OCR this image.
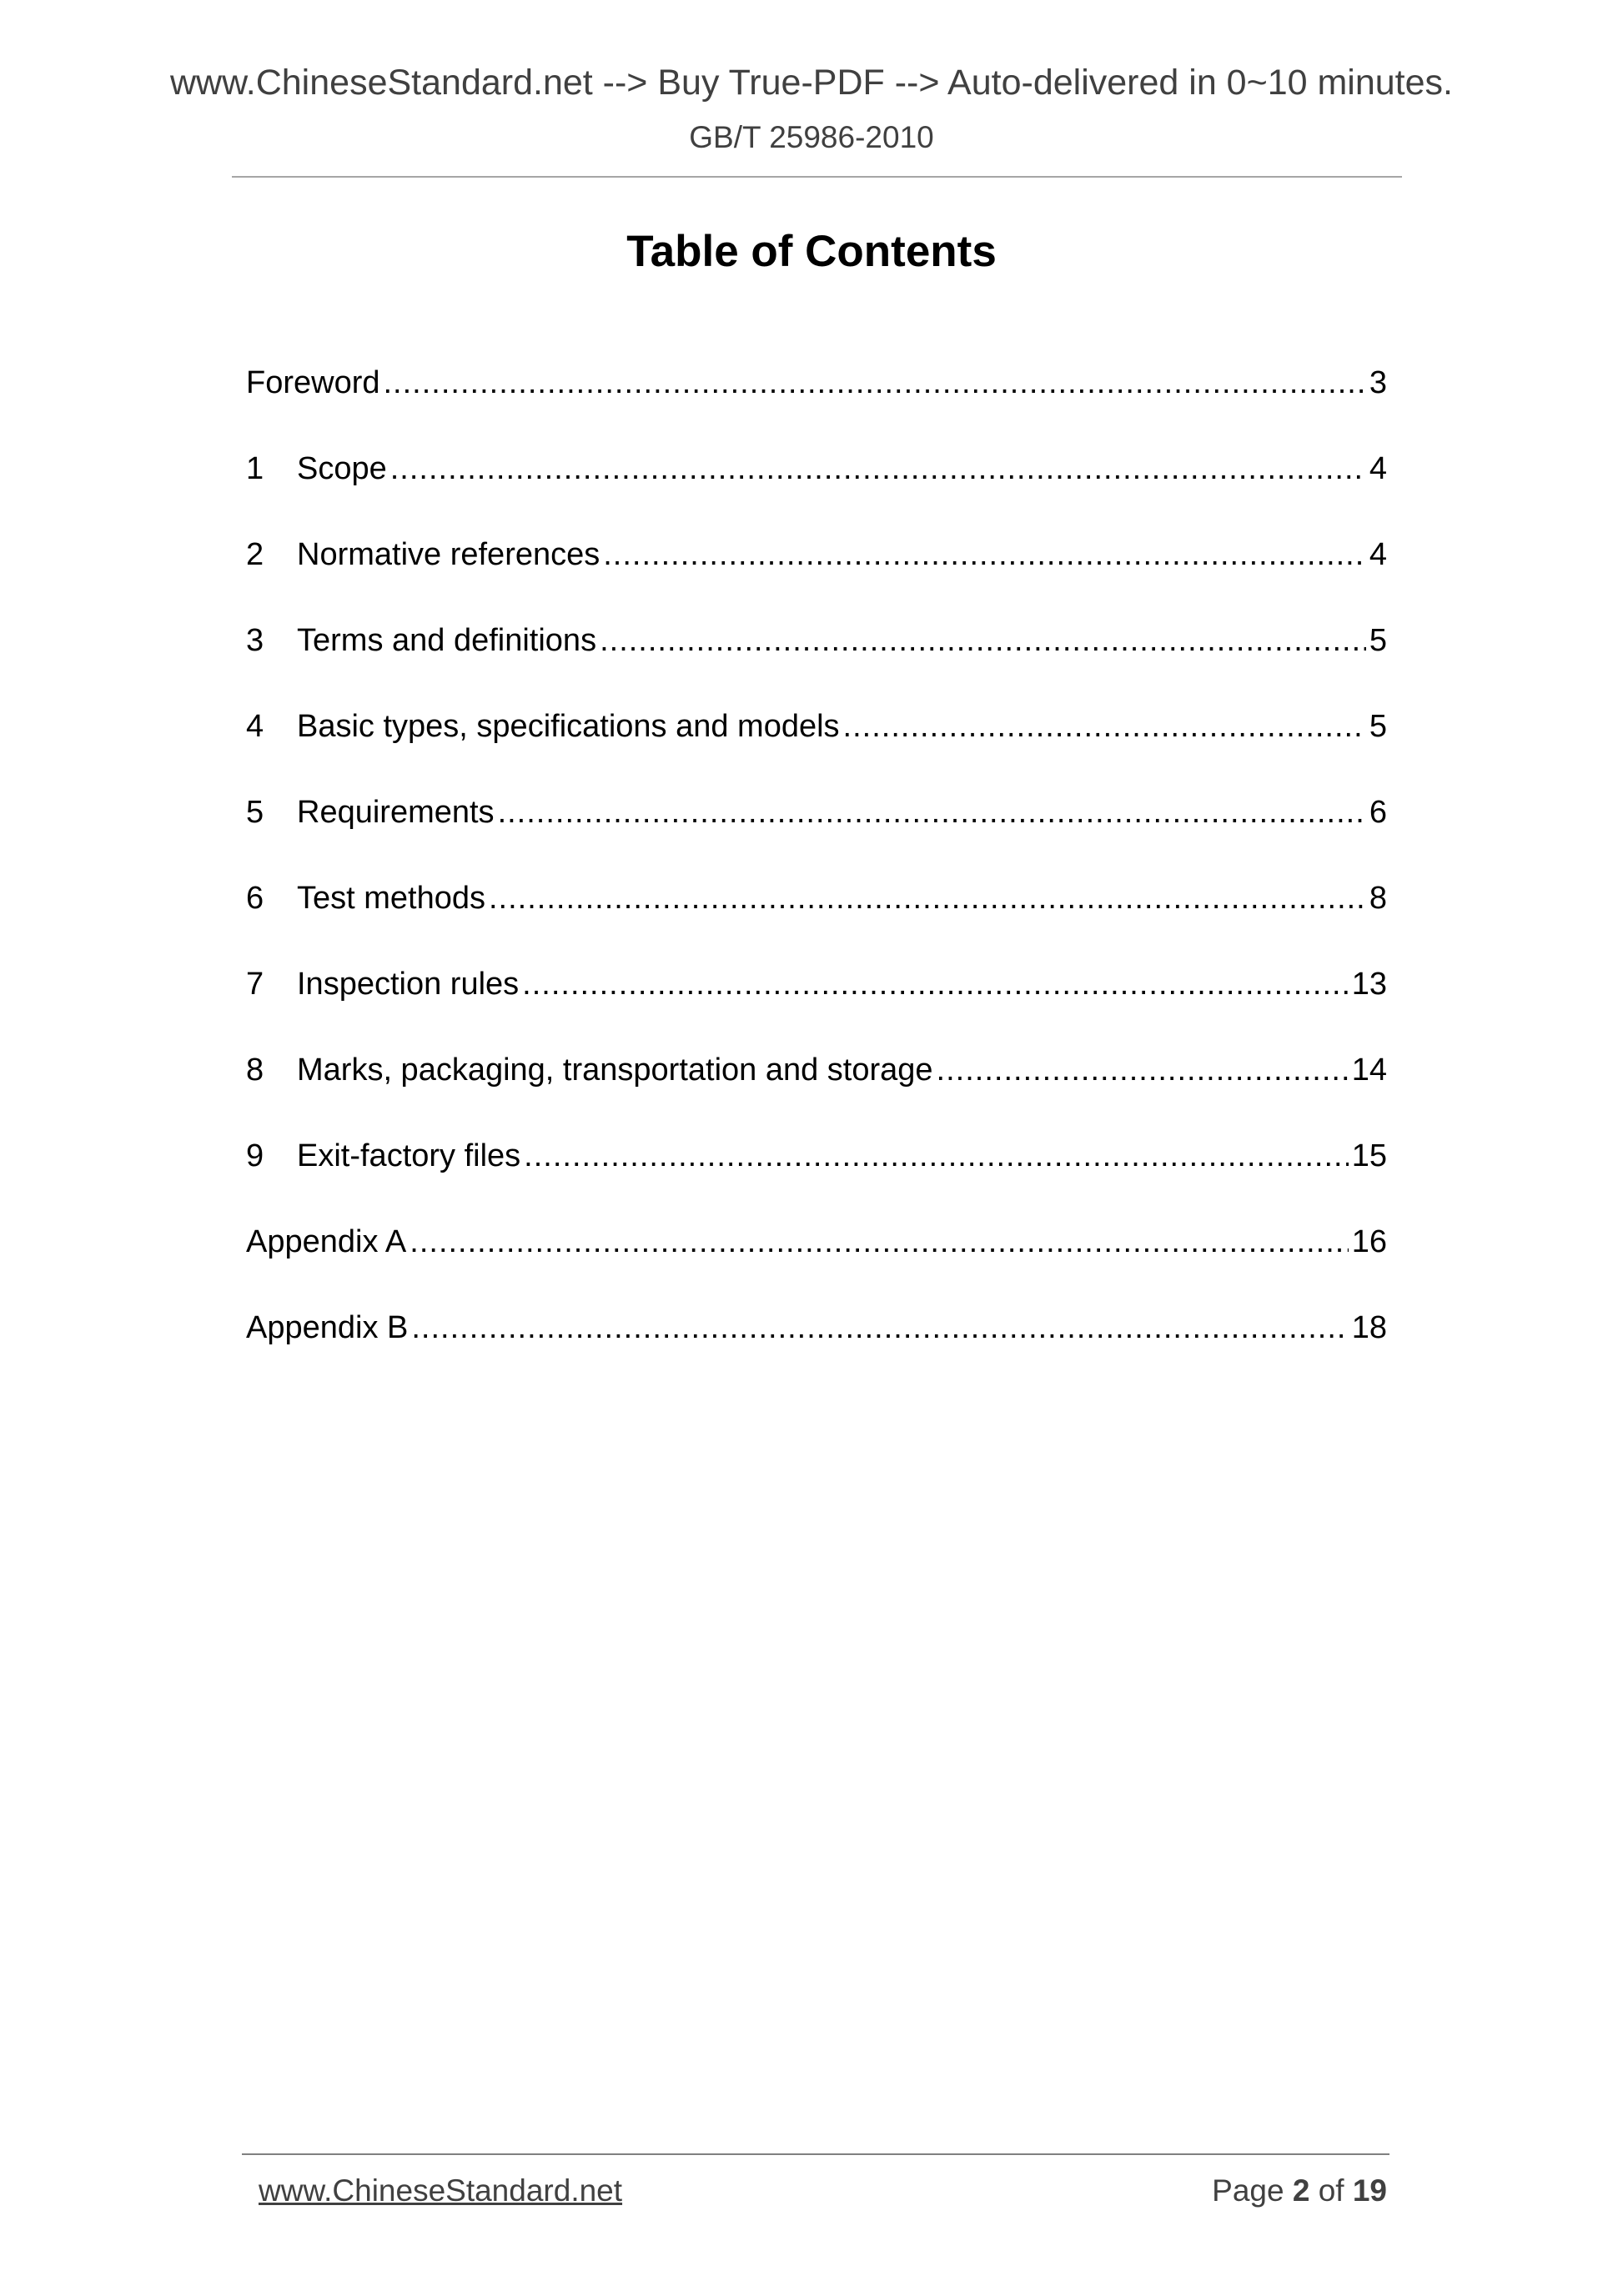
www.ChineseStandard.net --> Buy True-PDF --> Auto-delivered in 0~10 minutes.
GB/T 25986-2010
Table of Contents
Foreword .....	3
1	Scope .....	4
2	Normative references .....	4
3	Terms and definitions .....	5
4	Basic types, specifications and models .....	5
5	Requirements .....	6
6	Test methods .....	8
7	Inspection rules .....	13
8	Marks, packaging, transportation and storage .....	14
9	Exit-factory files .....	15
Appendix A .....	16
Appendix B .....	18
www.ChineseStandard.net	Page 2 of 19
